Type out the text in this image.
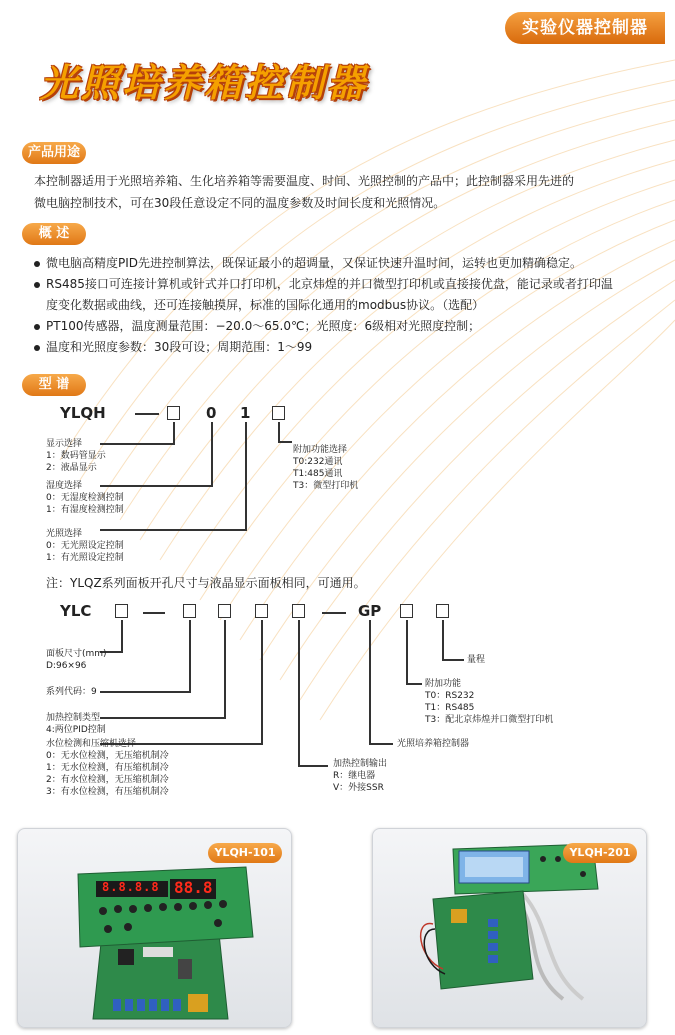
实验仪器控制器
光照培养箱控制器
产品用途
本控制器适用于光照培养箱、生化培养箱等需要温度、时间、光照控制的产品中；此控制器采用先进的
微电脑控制技术，可在30段任意设定不同的温度参数及时间长度和光照情况。
概 述
微电脑高精度PID先进控制算法，既保证最小的超调量，又保证快速升温时间，运转也更加精确稳定。
RS485接口可连接计算机或针式并口打印机，北京炜煌的并口微型打印机或直接接优盘，能记录或者打印温
度变化数据或曲线，还可连接触摸屏，标准的国际化通用的modbus协议。（选配）
PT100传感器，温度测量范围：−20.0～65.0℃；光照度：6级相对光照度控制；
温度和光照度参数：30段可设；周期范围：1～99
型 谱
YLQH	0 1
显示选择
1：数码管显示
2：液晶显示
湿度选择
0：无湿度检测控制
1：有湿度检测控制
光照选择
0：无光照设定控制
1：有光照设定控制
附加功能选择
T0:232通讯
T1:485通讯
T3：微型打印机
注：YLQZ系列面板开孔尺寸与液晶显示面板相同，可通用。
YLC	GP
面板尺寸(mm)
D:96×96
系列代码：9
加热控制类型
4:两位PID控制
水位检测和压缩机选择
0：无水位检测，无压缩机制冷
1：无水位检测，有压缩机制冷
2：有水位检测，无压缩机制冷
3：有水位检测，有压缩机制冷
加热控制输出
R：继电器
V：外接SSR
光照培养箱控制器
附加功能
T0：RS232
T1：RS485
T3：配北京炜煌并口微型打印机
量程
8.8.8.8 88.8
YLQH-101	YLQH-201
